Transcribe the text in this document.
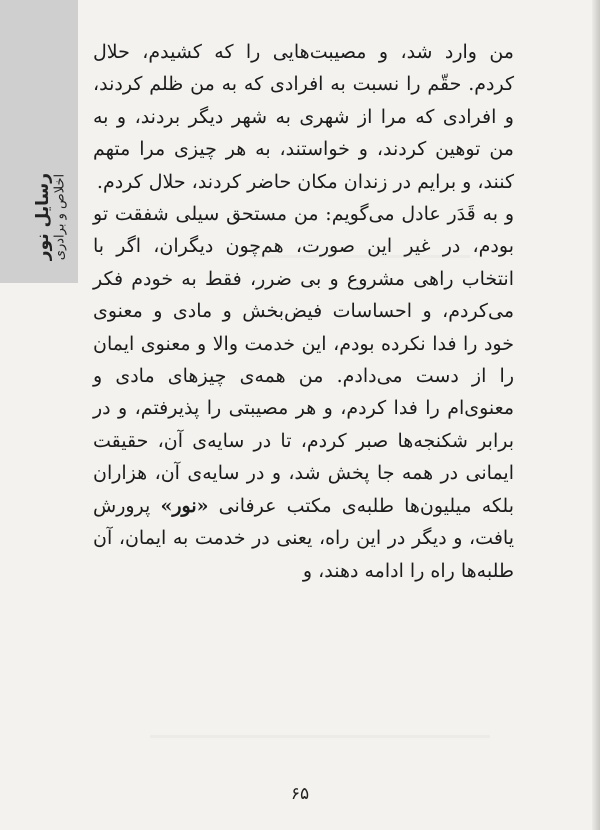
رسایل نور اخلاص و برادری

من وارد شد، و مصیبت‌هایی را که کشیدم، حلال کردم. حقّم را نسبت به افرادی که به من ظلم کردند، و افرادی که مرا از شهری به شهر دیگر بردند، و به من توهین کردند، و خواستند، به هر چیزی مرا متهم کنند، و برایم در زندان مکان حاضر کردند، حلال کردم.

و به قَدَر عادل می‌گویم: من مستحق سیلی شفقت تو بودم، در غیر این صورت، هم‌چون دیگران، اگر با انتخاب راهی مشروع و بی ضرر، فقط به خودم فکر می‌کردم، و احساسات فیض‌بخش و مادی و معنوی خود را فدا نکرده بودم، این خدمت والا و معنوی ایمان را از دست می‌دادم. من همه‌ی چیزهای مادی و معنوی‌ام را فدا کردم، و هر مصیبتی را پذیرفتم، و در برابر شکنجه‌ها صبر کردم، تا در سایه‌ی آن، حقیقت ایمانی در همه جا پخش شد، و در سایه‌ی آن، هزاران بلکه میلیون‌ها طلبه‌ی مکتب عرفانی «نور» پرورش یافت، و دیگر در این راه، یعنی در خدمت به ایمان، آن طلبه‌ها راه را ادامه دهند، و

۶۵
